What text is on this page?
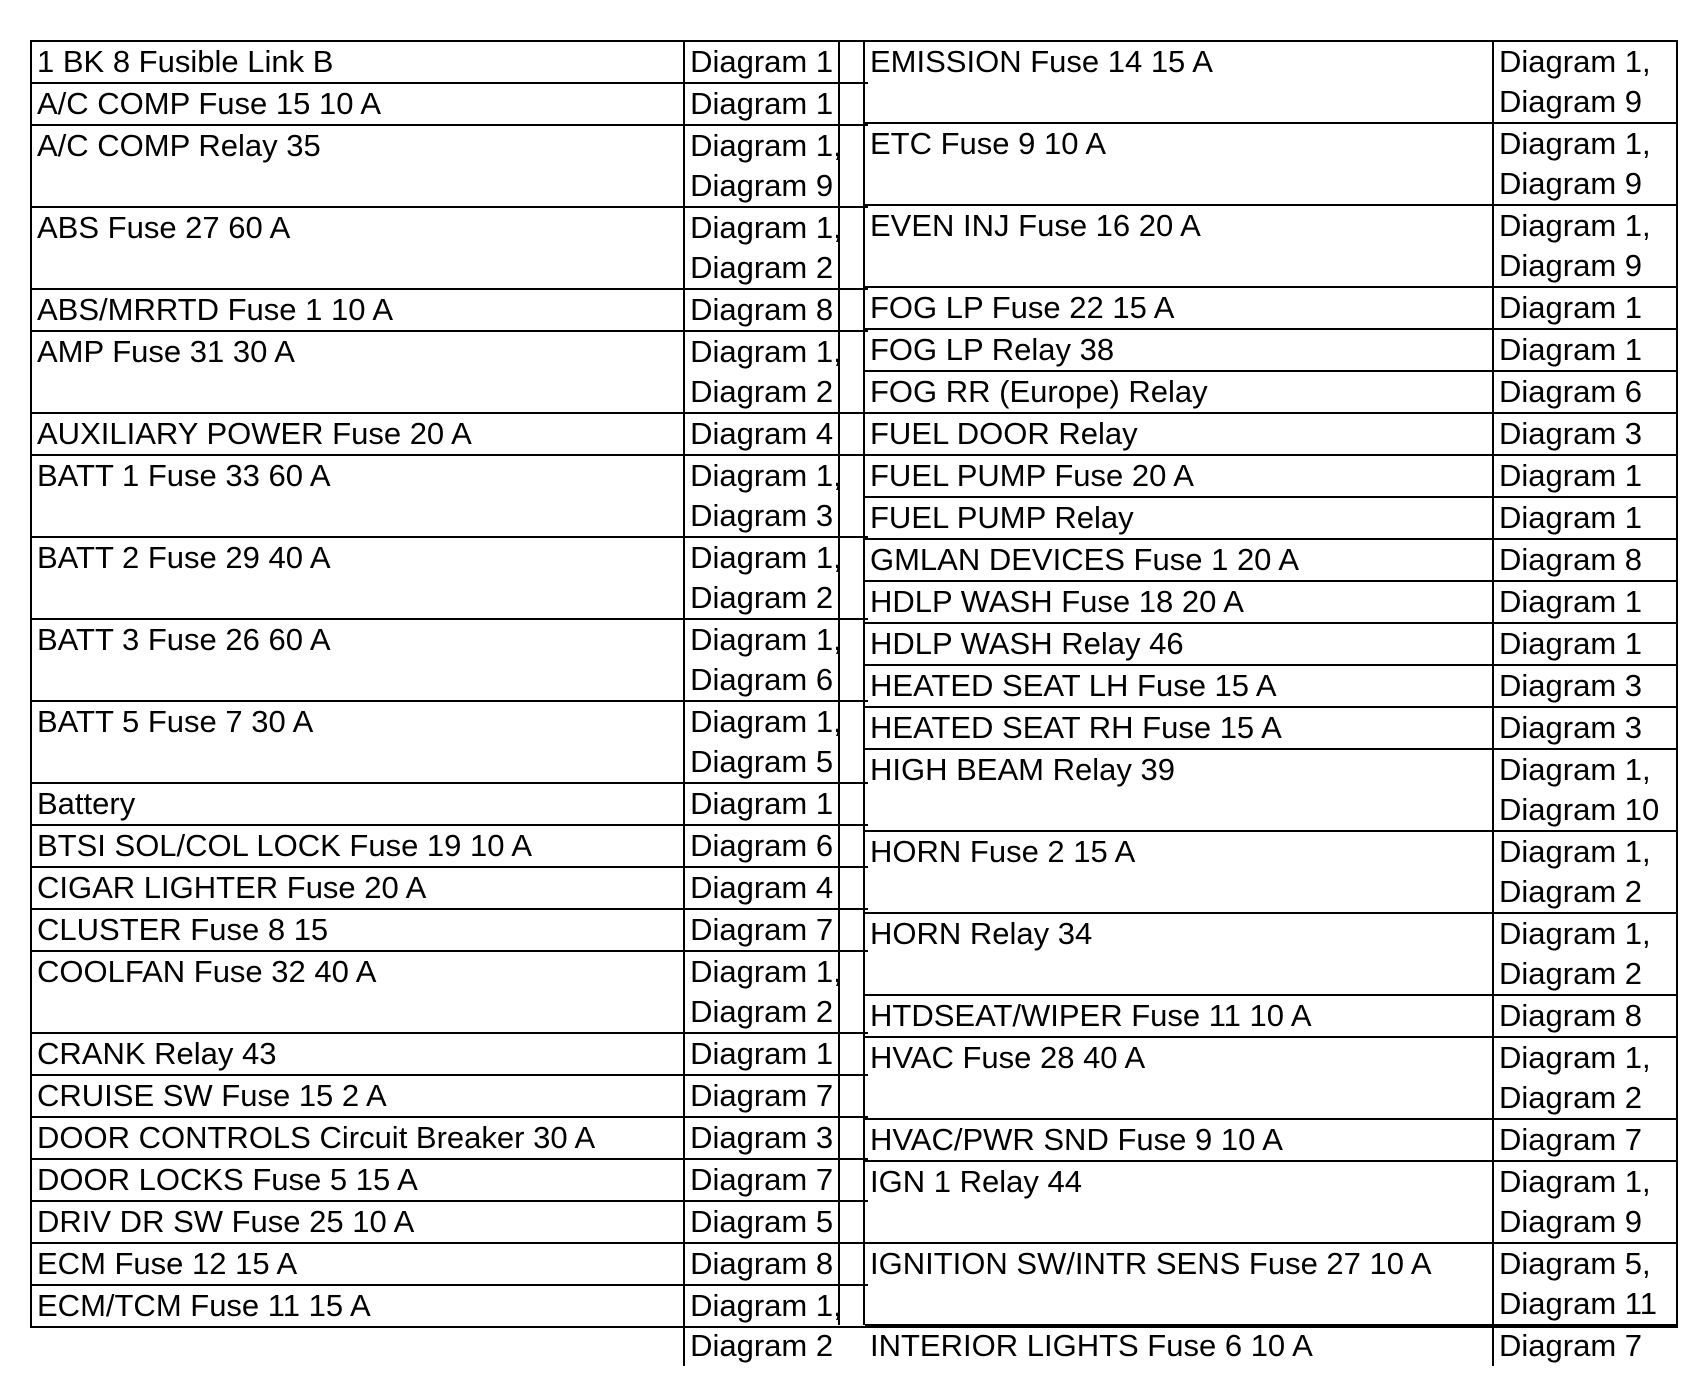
1 BK 8 Fusible Link B	Diagram 1

A/C COMP Fuse 15 10 A	Diagram 1

A/C COMP Relay 35	Diagram 1,
Diagram 9

ABS Fuse 27 60 A	Diagram 1,
Diagram 2

ABS/MRRTD Fuse 1 10 A	Diagram 8

AMP Fuse 31 30 A	Diagram 1,
Diagram 2

AUXILIARY POWER Fuse 20 A	Diagram 4

BATT 1 Fuse 33 60 A	Diagram 1,
Diagram 3

BATT 2 Fuse 29 40 A	Diagram 1,
Diagram 2

BATT 3 Fuse 26 60 A	Diagram 1,
Diagram 6

BATT 5 Fuse 7 30 A	Diagram 1,
Diagram 5

Battery	Diagram 1

BTSI SOL/COL LOCK Fuse 19 10 A	Diagram 6

CIGAR LIGHTER Fuse 20 A	Diagram 4

CLUSTER Fuse 8 15	Diagram 7

COOLFAN Fuse 32 40 A	Diagram 1,
Diagram 2

CRANK Relay 43	Diagram 1

CRUISE SW Fuse 15 2 A	Diagram 7

DOOR CONTROLS Circuit Breaker 30 A	Diagram 3

DOOR LOCKS Fuse 5 15 A	Diagram 7

DRIV DR SW Fuse 25 10 A	Diagram 5

ECM Fuse 12 15 A	Diagram 8

ECM/TCM Fuse 11 15 A	Diagram 1,
Diagram 2
EMISSION Fuse 14 15 A	Diagram 1,
Diagram 9

ETC Fuse 9 10 A	Diagram 1,
Diagram 9

EVEN INJ Fuse 16 20 A	Diagram 1,
Diagram 9

FOG LP Fuse 22 15 A	Diagram 1

FOG LP Relay 38	Diagram 1

FOG RR (Europe) Relay	Diagram 6

FUEL DOOR Relay	Diagram 3

FUEL PUMP Fuse 20 A	Diagram 1

FUEL PUMP Relay	Diagram 1

GMLAN DEVICES Fuse 1 20 A	Diagram 8

HDLP WASH Fuse 18 20 A	Diagram 1

HDLP WASH Relay 46	Diagram 1

HEATED SEAT LH Fuse 15 A	Diagram 3

HEATED SEAT RH Fuse 15 A	Diagram 3

HIGH BEAM Relay 39	Diagram 1,
Diagram 10

HORN Fuse 2 15 A	Diagram 1,
Diagram 2

HORN Relay 34	Diagram 1,
Diagram 2

HTDSEAT/WIPER Fuse 11 10 A	Diagram 8

HVAC Fuse 28 40 A	Diagram 1,
Diagram 2

HVAC/PWR SND Fuse 9 10 A	Diagram 7

IGN 1 Relay 44	Diagram 1,
Diagram 9

IGNITION SW/INTR SENS Fuse 27 10 A	Diagram 5,
Diagram 11

INTERIOR LIGHTS Fuse 6 10 A	Diagram 7
